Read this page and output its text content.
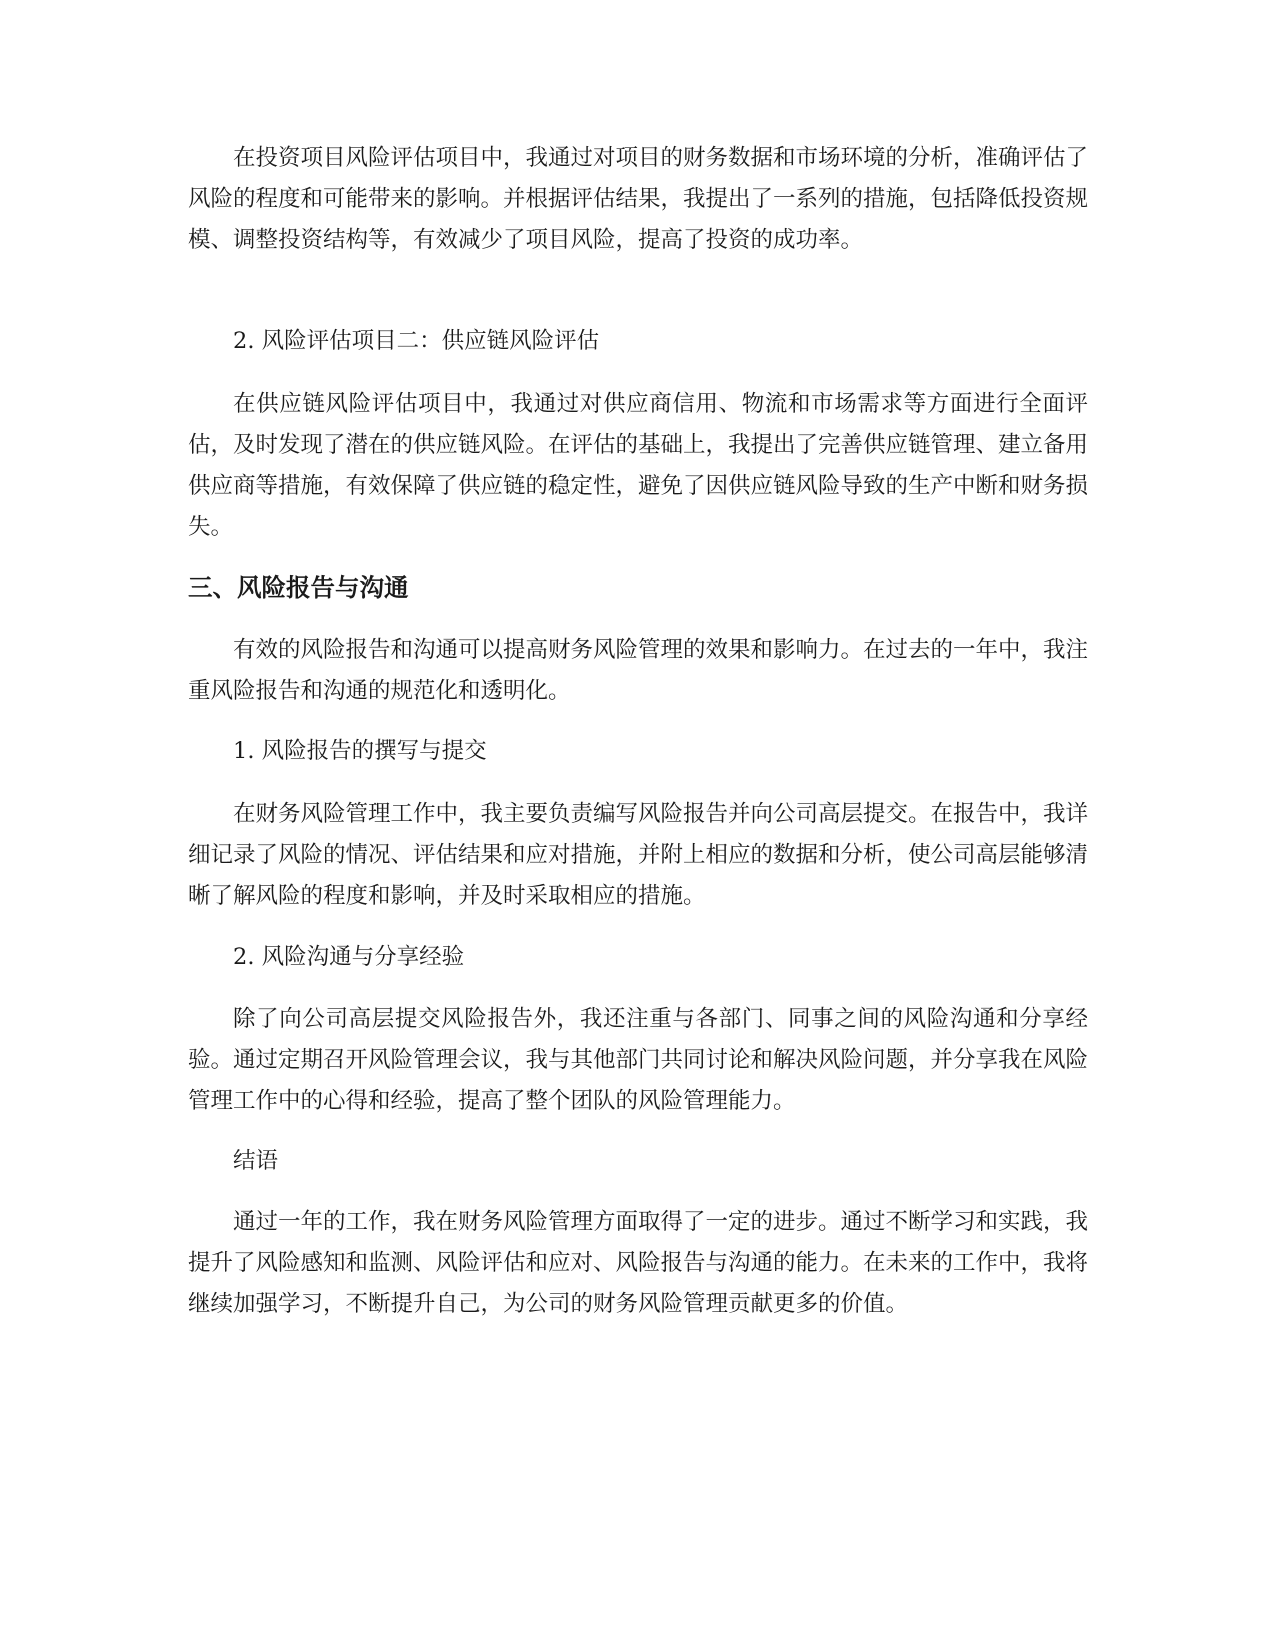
在投资项目风险评估项目中，我通过对项目的财务数据和市场环境的分析，准确评估了风险的程度和可能带来的影响。并根据评估结果，我提出了一系列的措施，包括降低投资规模、调整投资结构等，有效减少了项目风险，提高了投资的成功率。

2. 风险评估项目二：供应链风险评估

在供应链风险评估项目中，我通过对供应商信用、物流和市场需求等方面进行全面评估，及时发现了潜在的供应链风险。在评估的基础上，我提出了完善供应链管理、建立备用供应商等措施，有效保障了供应链的稳定性，避免了因供应链风险导致的生产中断和财务损失。

三、风险报告与沟通

有效的风险报告和沟通可以提高财务风险管理的效果和影响力。在过去的一年中，我注重风险报告和沟通的规范化和透明化。

1. 风险报告的撰写与提交

在财务风险管理工作中，我主要负责编写风险报告并向公司高层提交。在报告中，我详细记录了风险的情况、评估结果和应对措施，并附上相应的数据和分析，使公司高层能够清晰了解风险的程度和影响，并及时采取相应的措施。

2. 风险沟通与分享经验

除了向公司高层提交风险报告外，我还注重与各部门、同事之间的风险沟通和分享经验。通过定期召开风险管理会议，我与其他部门共同讨论和解决风险问题，并分享我在风险管理工作中的心得和经验，提高了整个团队的风险管理能力。

结语

通过一年的工作，我在财务风险管理方面取得了一定的进步。通过不断学习和实践，我提升了风险感知和监测、风险评估和应对、风险报告与沟通的能力。在未来的工作中，我将继续加强学习，不断提升自己，为公司的财务风险管理贡献更多的价值。
